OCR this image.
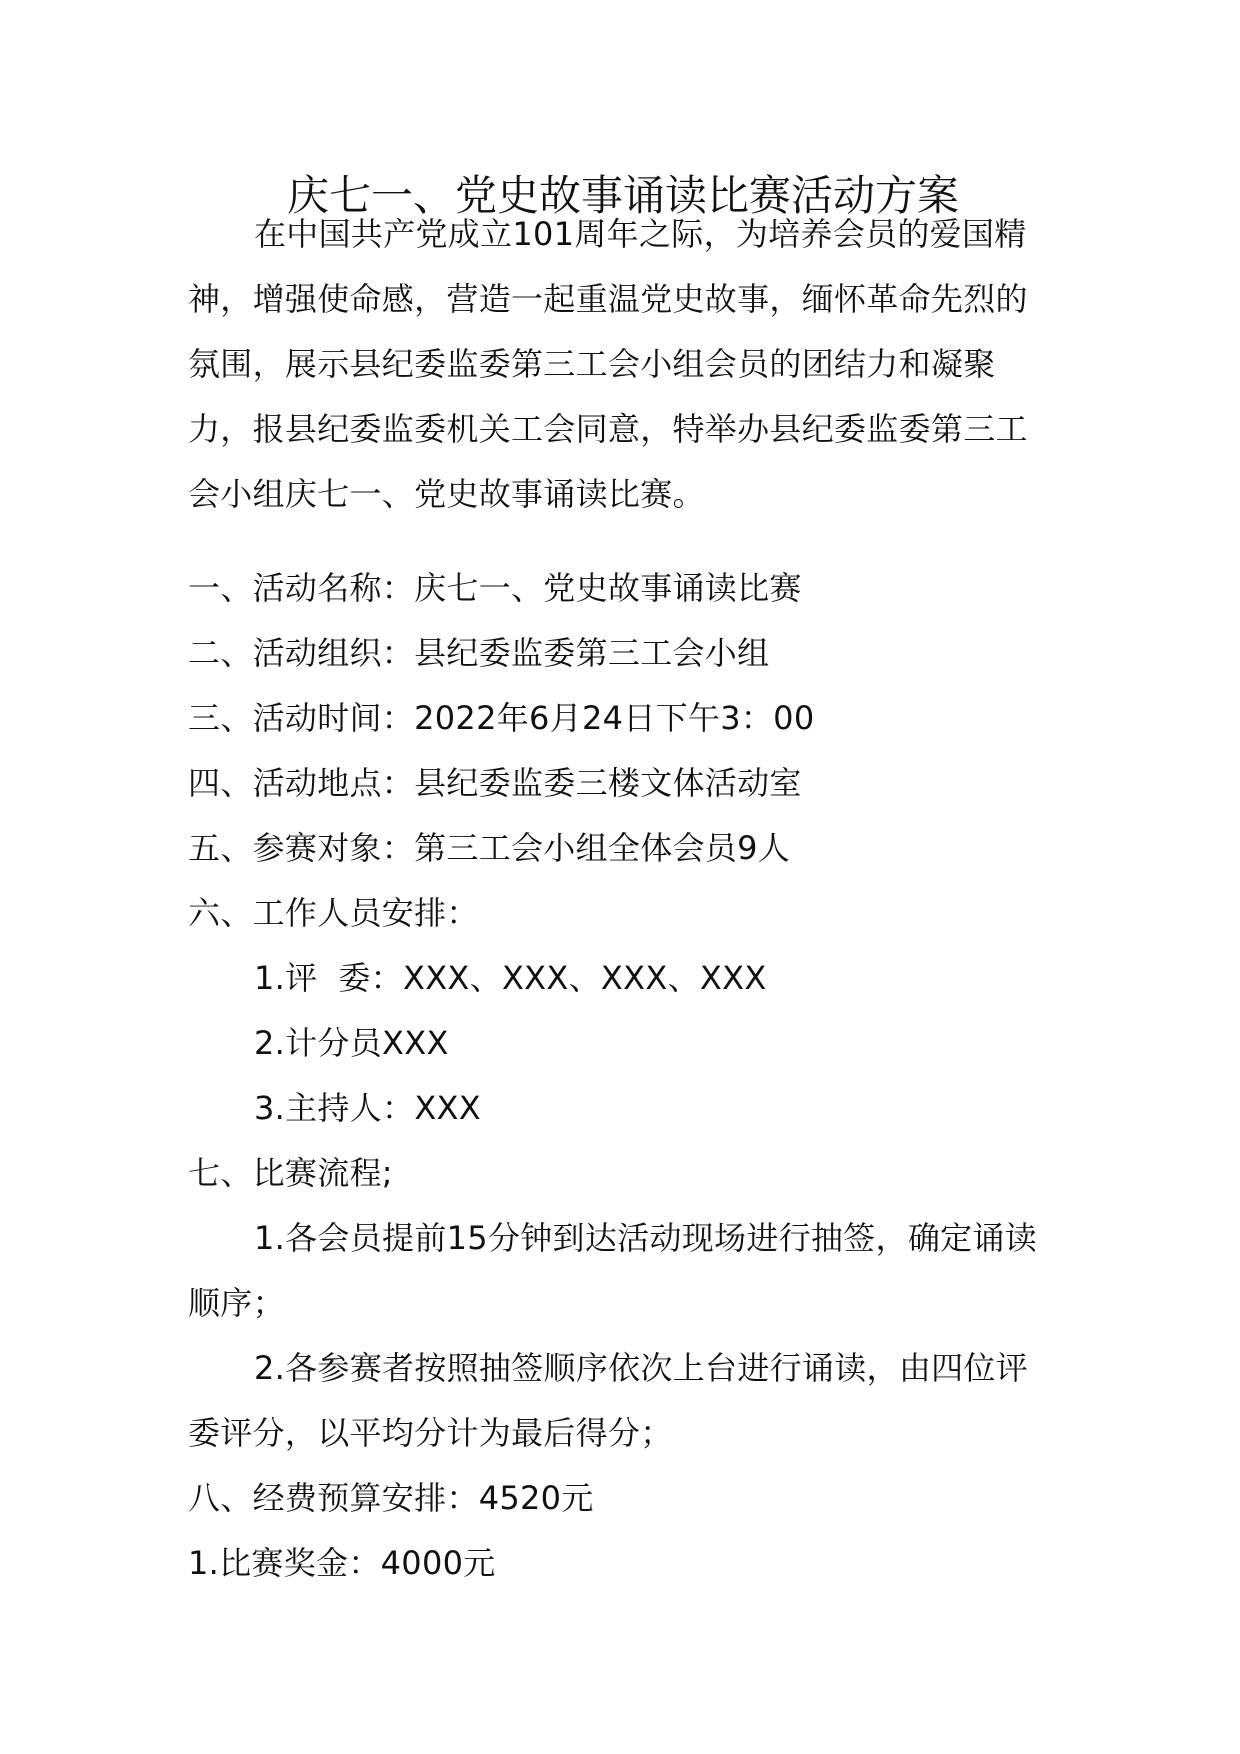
庆七一、党史故事诵读比赛活动方案
在中国共产党成立101周年之际，为培养会员的爱国精神，增强使命感，营造一起重温党史故事，缅怀革命先烈的氛围，展示县纪委监委第三工会小组会员的团结力和凝聚力，报县纪委监委机关工会同意，特举办县纪委监委第三工会小组庆七一、党史故事诵读比赛。
一、活动名称：庆七一、党史故事诵读比赛
二、活动组织：县纪委监委第三工会小组
三、活动时间：2022年6月24日下午3：00
四、活动地点：县纪委监委三楼文体活动室
五、参赛对象：第三工会小组全体会员9人
六、工作人员安排：
1.评  委：XXX、XXX、XXX、XXX
2.计分员XXX
3.主持人：XXX
七、比赛流程;
1.各会员提前15分钟到达活动现场进行抽签，确定诵读顺序；
2.各参赛者按照抽签顺序依次上台进行诵读，由四位评委评分，以平均分计为最后得分；
八、经费预算安排：4520元
1.比赛奖金：4000元
